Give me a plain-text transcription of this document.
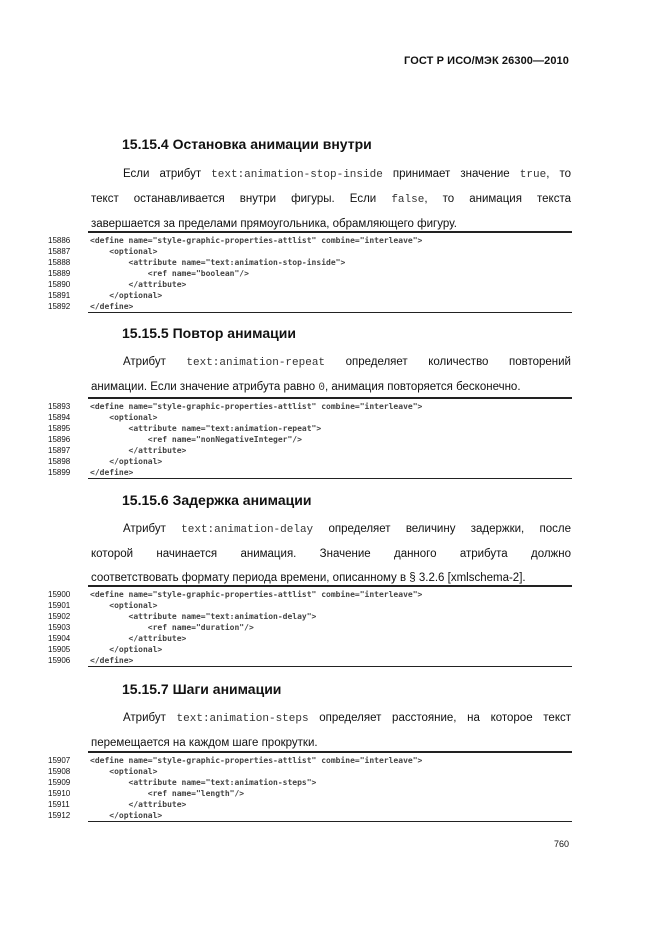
ГОСТ Р ИСО/МЭК 26300—2010
15.15.4 Остановка анимации внутри
Если атрибут text:animation-stop-inside принимает значение true, то
текст останавливается внутри фигуры. Если false, то анимация текста
завершается за пределами прямоугольника, обрамляющего фигуру.
15886	<define name="style-graphic-properties-attlist" combine="interleave">
15887	<optional>
15888	<attribute name="text:animation-stop-inside">
15889	<ref name="boolean"/>
15890	</attribute>
15891	</optional>
15892	</define>
15.15.5 Повтор анимации
Атрибут text:animation-repeat определяет количество повторений
анимации. Если значение атрибута равно 0, анимация повторяется бесконечно.
15893	<define name="style-graphic-properties-attlist" combine="interleave">
15894	<optional>
15895	<attribute name="text:animation-repeat">
15896	<ref name="nonNegativeInteger"/>
15897	</attribute>
15898	</optional>
15899	</define>
15.15.6 Задержка анимации
Атрибут text:animation-delay определяет величину задержки, после
которой начинается анимация. Значение данного атрибута должно
соответствовать формату периода времени, описанному в § 3.2.6 [xmlschema-2].
15900	<define name="style-graphic-properties-attlist" combine="interleave">
15901	<optional>
15902	<attribute name="text:animation-delay">
15903	<ref name="duration"/>
15904	</attribute>
15905	</optional>
15906	</define>
15.15.7 Шаги анимации
Атрибут text:animation-steps определяет расстояние, на которое текст
перемещается на каждом шаге прокрутки.
15907	<define name="style-graphic-properties-attlist" combine="interleave">
15908	<optional>
15909	<attribute name="text:animation-steps">
15910	<ref name="length"/>
15911	</attribute>
15912	</optional>
760
